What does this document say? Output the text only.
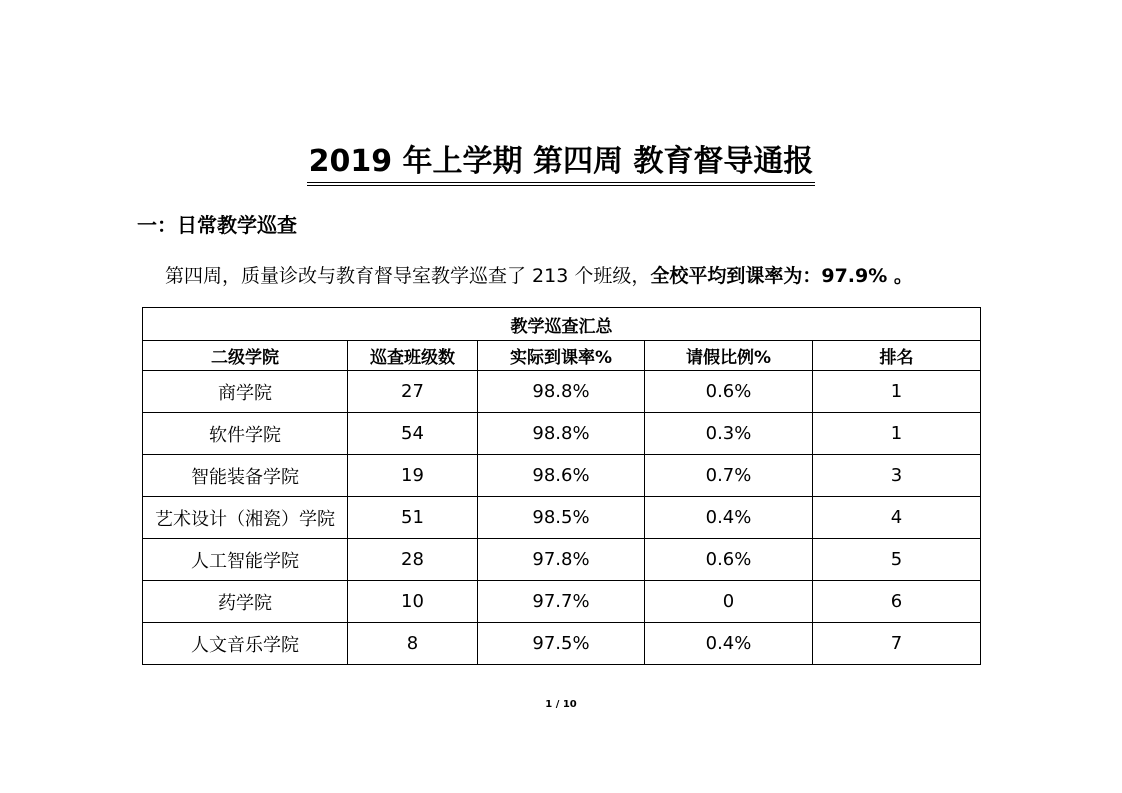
2019 年上学期 第四周 教育督导通报
一：日常教学巡查
第四周，质量诊改与教育督导室教学巡查了 213 个班级，全校平均到课率为：97.9% 。
教学巡查汇总				
二级学院	巡查班级数	实际到课率%	请假比例%	排名
商学院	27	98.8%	0.6%	1
软件学院	54	98.8%	0.3%	1
智能装备学院	19	98.6%	0.7%	3
艺术设计（湘瓷）学院	51	98.5%	0.4%	4
人工智能学院	28	97.8%	0.6%	5
药学院	10	97.7%	0	6
人文音乐学院	8	97.5%	0.4%	7
1 / 10
